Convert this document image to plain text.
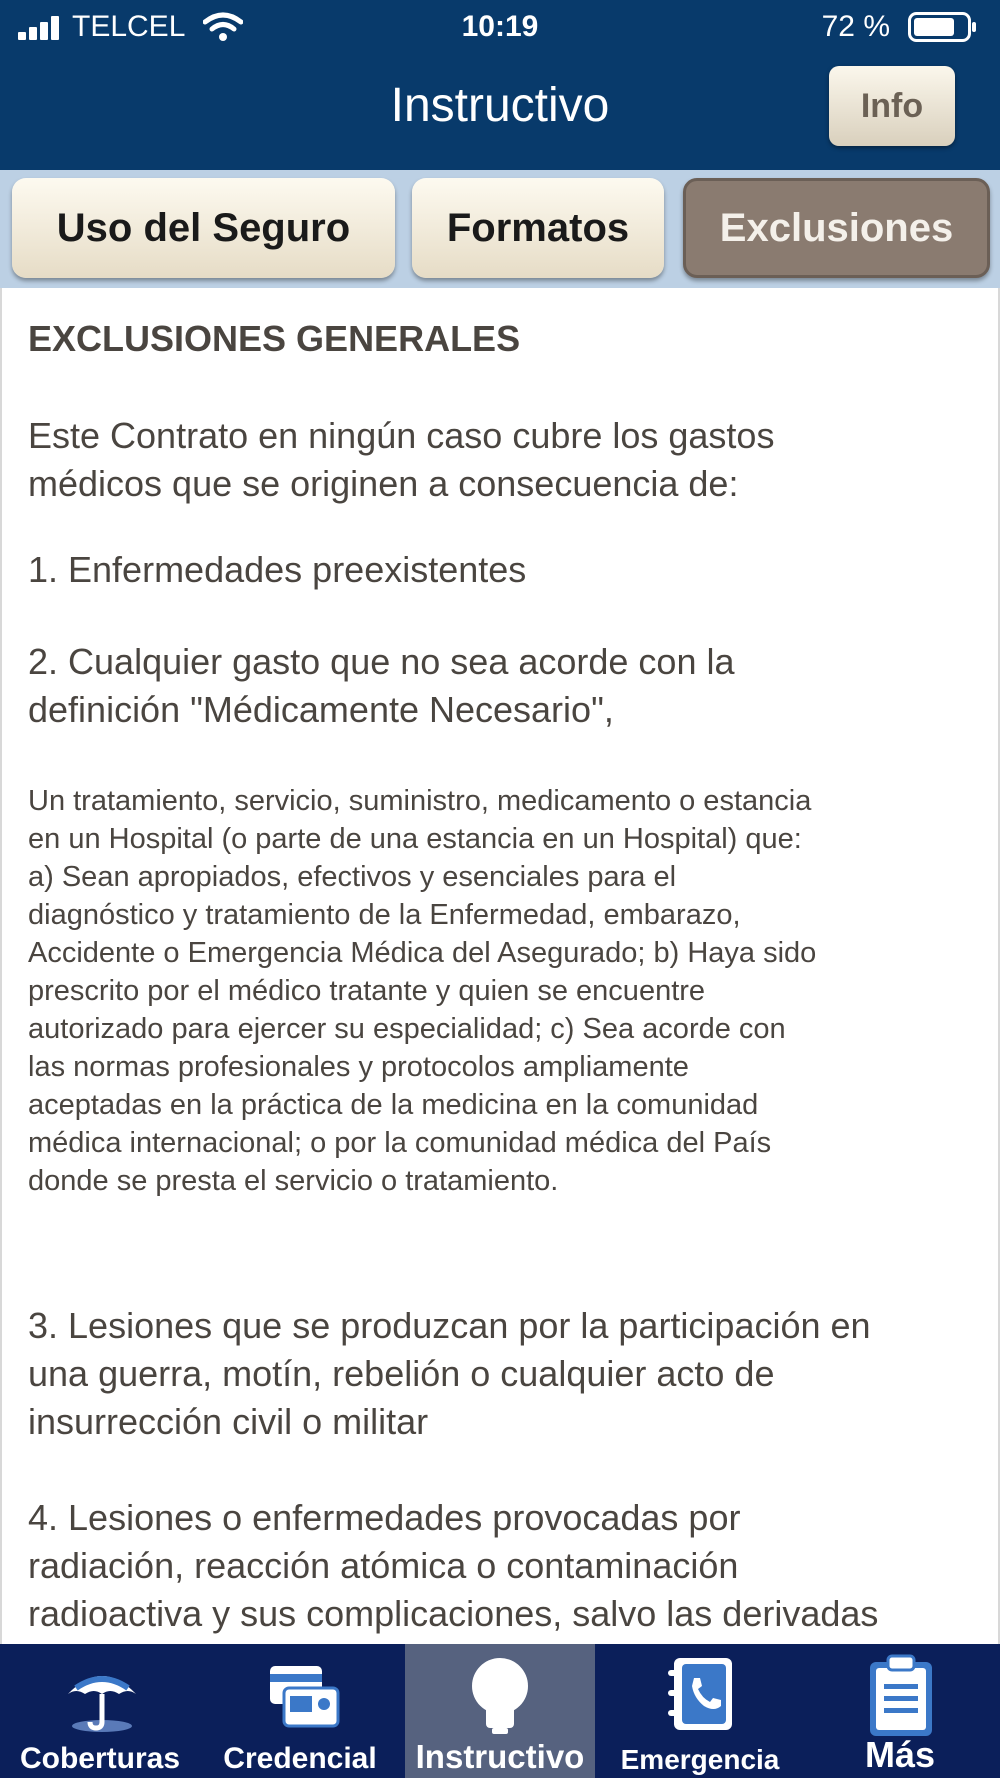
TELCEL	10:19	72 %
Instructivo	Info
Uso del Seguro	Formatos	Exclusiones
EXCLUSIONES GENERALES
Este Contrato en ningún caso cubre los gastos
médicos que se originen a consecuencia de:
1. Enfermedades preexistentes
2. Cualquier gasto que no sea acorde con la
definición "Médicamente Necesario",
Un tratamiento, servicio, suministro, medicamento o estancia
en un Hospital (o parte de una estancia en un Hospital) que:
a) Sean apropiados, efectivos y esenciales para el
diagnóstico y tratamiento de la Enfermedad, embarazo,
Accidente o Emergencia Médica del Asegurado; b) Haya sido
prescrito por el médico tratante y quien se encuentre
autorizado para ejercer su especialidad; c) Sea acorde con
las normas profesionales y protocolos ampliamente
aceptadas en la práctica de la medicina en la comunidad
médica internacional; o por la comunidad médica del País
donde se presta el servicio o tratamiento.
3. Lesiones que se produzcan por la participación en
una guerra, motín, rebelión o cualquier acto de
insurrección civil o militar
4. Lesiones o enfermedades provocadas por
radiación, reacción atómica o contaminación
radioactiva y sus complicaciones, salvo las derivadas
Coberturas	Credencial	Instructivo	Emergencia	Más
